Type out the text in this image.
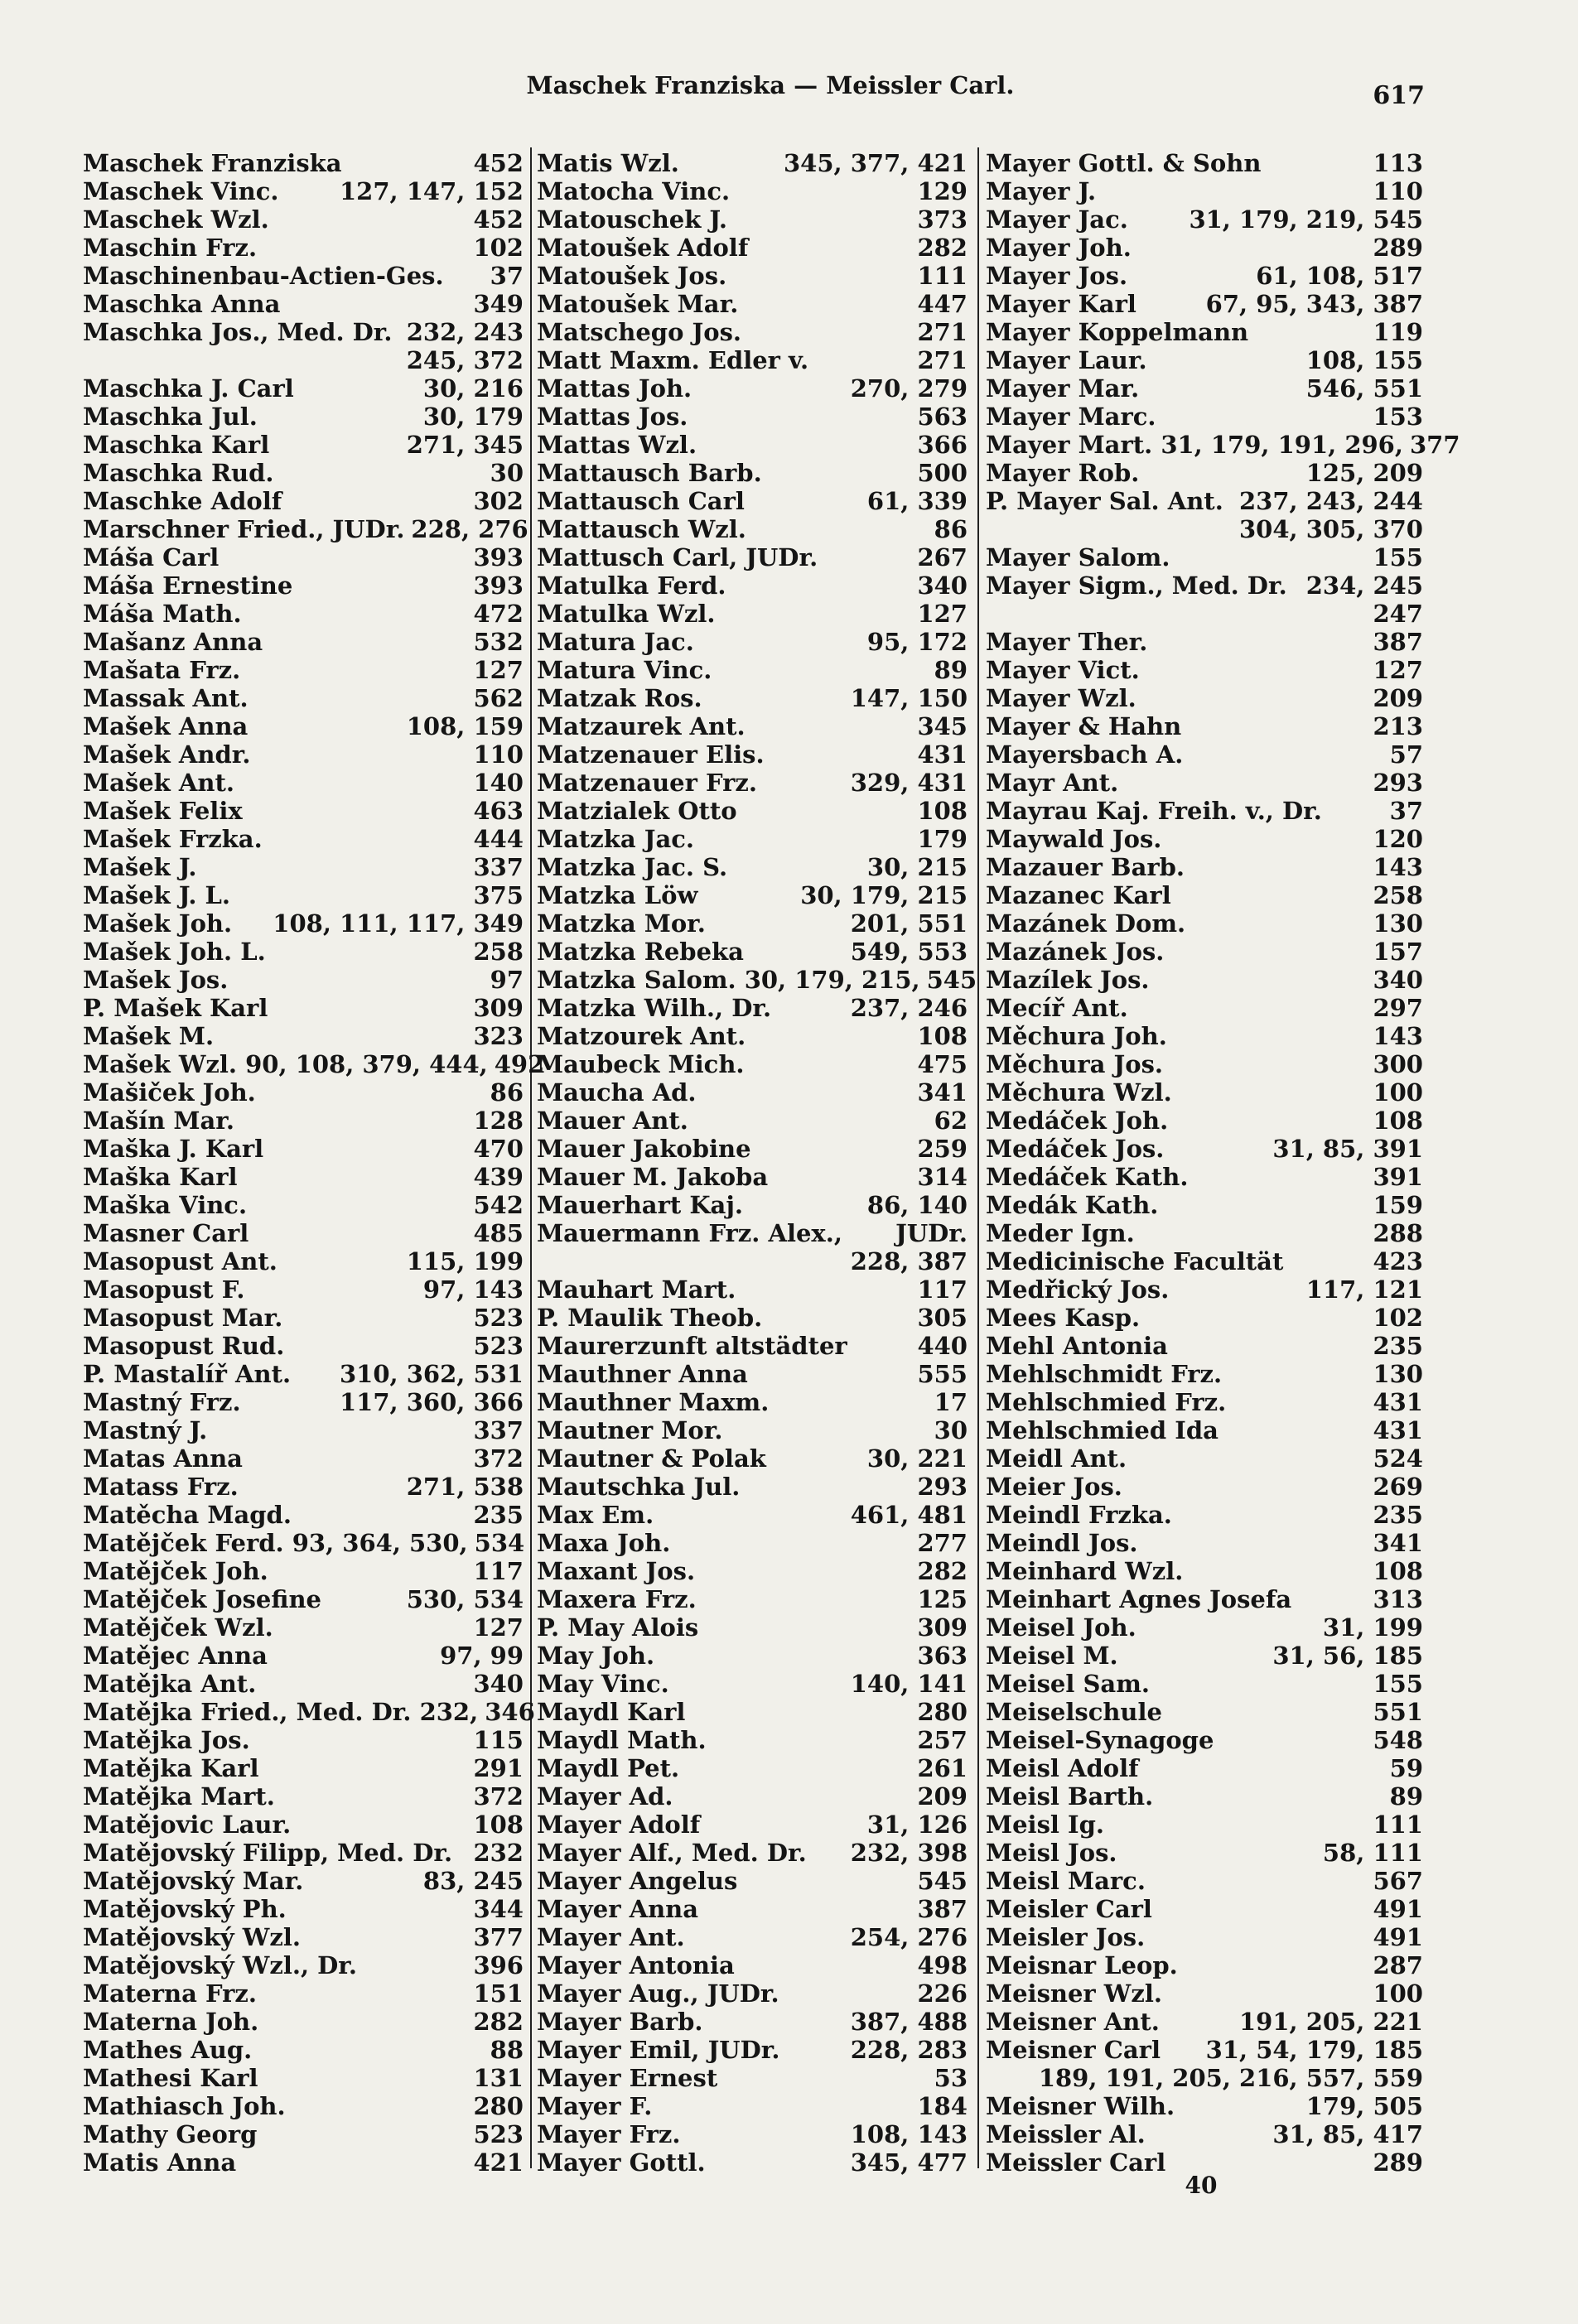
Maschek Franziska — Meissler Carl.	617
Maschek Franziska	452
Maschek Vinc.	127, 147, 152
Maschek Wzl.	452
Maschin Frz.	102
Maschinenbau-Actien-Ges. 37
Maschka Anna	349
Maschka Jos., Med. Dr. 232, 243
245, 372
Maschka J. Carl	30, 216
Maschka Jul.	30, 179
Maschka Karl	271, 345
Maschka Rud.	30
Maschke Adolf	302
Marschner Fried., JUDr. 228, 276
Máša Carl	393
Máša Ernestine	393
Máša Math.	472
Mašanz Anna	532
Mašata Frz.	127
Massak Ant.	562
Mašek Anna	108, 159
Mašek Andr.	110
Mašek Ant.	140
Mašek Felix	463
Mašek Frzka.	444
Mašek J.	337
Mašek J. L.	375
Mašek Joh. 108, 111, 117, 349
Mašek Joh. L.	258
Mašek Jos.	97
P. Mašek Karl	309
Mašek M.	323
Mašek Wzl. 90, 108, 379, 444, 492
Mašiček Joh.	86
Mašín Mar.	128
Maška J. Karl	470
Maška Karl	439
Maška Vinc.	542
Masner Carl	485
Masopust Ant.	115, 199
Masopust F.	97, 143
Masopust Mar.	523
Masopust Rud.	523
P. Mastalíř Ant. 310, 362, 531
Mastný Frz.	117, 360, 366
Mastný J.	337
Matas Anna	372
Matass Frz.	271, 538
Matěcha Magd.	235
Matějček Ferd. 93, 364, 530, 534
Matějček Joh.	117
Matějček Josefine	530, 534
Matějček Wzl.	127
Matějec Anna	97, 99
Matějka Ant.	340
Matějka Fried., Med. Dr. 232, 346
Matějka Jos.	115
Matějka Karl	291
Matějka Mart.	372
Matějovic Laur.	108
Matějovský Filipp, Med. Dr. 232
Matějovský Mar.	83, 245
Matějovský Ph.	344
Matějovský Wzl.	377
Matějovský Wzl., Dr.	396
Materna Frz.	151
Materna Joh.	282
Mathes Aug.	88
Mathesi Karl	131
Mathiasch Joh.	280
Mathy Georg	523
Matis Anna	421
Matis Wzl.	345, 377, 421
Matocha Vinc.	129
Matouschek J.	373
Matoušek Adolf	282
Matoušek Jos.	111
Matoušek Mar.	447
Matschego Jos.	271
Matt Maxm. Edler v.	271
Mattas Joh.	270, 279
Mattas Jos.	563
Mattas Wzl.	366
Mattausch Barb.	500
Mattausch Carl	61, 339
Mattausch Wzl.	86
Mattusch Carl, JUDr.	267
Matulka Ferd.	340
Matulka Wzl.	127
Matura Jac.	95, 172
Matura Vinc.	89
Matzak Ros.	147, 150
Matzaurek Ant.	345
Matzenauer Elis.	431
Matzenauer Frz.	329, 431
Matzialek Otto	108
Matzka Jac.	179
Matzka Jac. S.	30, 215
Matzka Löw	30, 179, 215
Matzka Mor.	201, 551
Matzka Rebeka	549, 553
Matzka Salom. 30, 179, 215, 545
Matzka Wilh., Dr.	237, 246
Matzourek Ant.	108
Maubeck Mich.	475
Maucha Ad.	341
Mauer Ant.	62
Mauer Jakobine	259
Mauer M. Jakoba	314
Mauerhart Kaj.	86, 140
Mauermann Frz. Alex., JUDr.
228, 387
Mauhart Mart.	117
P. Maulik Theob.	305
Maurerzunft altstädter	440
Mauthner Anna	555
Mauthner Maxm.	17
Mautner Mor.	30
Mautner & Polak	30, 221
Mautschka Jul.	293
Max Em.	461, 481
Maxa Joh.	277
Maxant Jos.	282
Maxera Frz.	125
P. May Alois	309
May Joh.	363
May Vinc.	140, 141
Maydl Karl	280
Maydl Math.	257
Maydl Pet.	261
Mayer Ad.	209
Mayer Adolf	31, 126
Mayer Alf., Med. Dr. 232, 398
Mayer Angelus	545
Mayer Anna	387
Mayer Ant.	254, 276
Mayer Antonia	498
Mayer Aug., JUDr.	226
Mayer Barb.	387, 488
Mayer Emil, JUDr.	228, 283
Mayer Ernest	53
Mayer F.	184
Mayer Frz.	108, 143
Mayer Gottl.	345, 477
Mayer Gottl. & Sohn	113
Mayer J.	110
Mayer Jac.	31, 179, 219, 545
Mayer Joh.	289
Mayer Jos.	61, 108, 517
Mayer Karl	67, 95, 343, 387
Mayer Koppelmann	119
Mayer Laur.	108, 155
Mayer Mar.	546, 551
Mayer Marc.	153
Mayer Mart. 31, 179, 191, 296, 377
Mayer Rob.	125, 209
P. Mayer Sal. Ant. 237, 243, 244
304, 305, 370
Mayer Salom.	155
Mayer Sigm., Med. Dr. 234, 245
247
Mayer Ther.	387
Mayer Vict.	127
Mayer Wzl.	209
Mayer & Hahn	213
Mayersbach A.	57
Mayr Ant.	293
Mayrau Kaj. Freih. v., Dr.	37
Maywald Jos.	120
Mazauer Barb.	143
Mazanec Karl	258
Mazánek Dom.	130
Mazánek Jos.	157
Mazílek Jos.	340
Mecíř Ant.	297
Měchura Joh.	143
Měchura Jos.	300
Měchura Wzl.	100
Medáček Joh.	108
Medáček Jos.	31, 85, 391
Medáček Kath.	391
Medák Kath.	159
Meder Ign.	288
Medicinische Facultät	423
Medřický Jos.	117, 121
Mees Kasp.	102
Mehl Antonia	235
Mehlschmidt Frz.	130
Mehlschmied Frz.	431
Mehlschmied Ida	431
Meidl Ant.	524
Meier Jos.	269
Meindl Frzka.	235
Meindl Jos.	341
Meinhard Wzl.	108
Meinhart Agnes Josefa	313
Meisel Joh.	31, 199
Meisel M.	31, 56, 185
Meisel Sam.	155
Meiselschule	551
Meisel-Synagoge	548
Meisl Adolf	59
Meisl Barth.	89
Meisl Ig.	111
Meisl Jos.	58, 111
Meisl Marc.	567
Meisler Carl	491
Meisler Jos.	491
Meisnar Leop.	287
Meisner Wzl.	100
Meisner Ant.	191, 205, 221
Meisner Carl 31, 54, 179, 185
189, 191, 205, 216, 557, 559
Meisner Wilh.	179, 505
Meissler Al.	31, 85, 417
Meissler Carl	289
40
